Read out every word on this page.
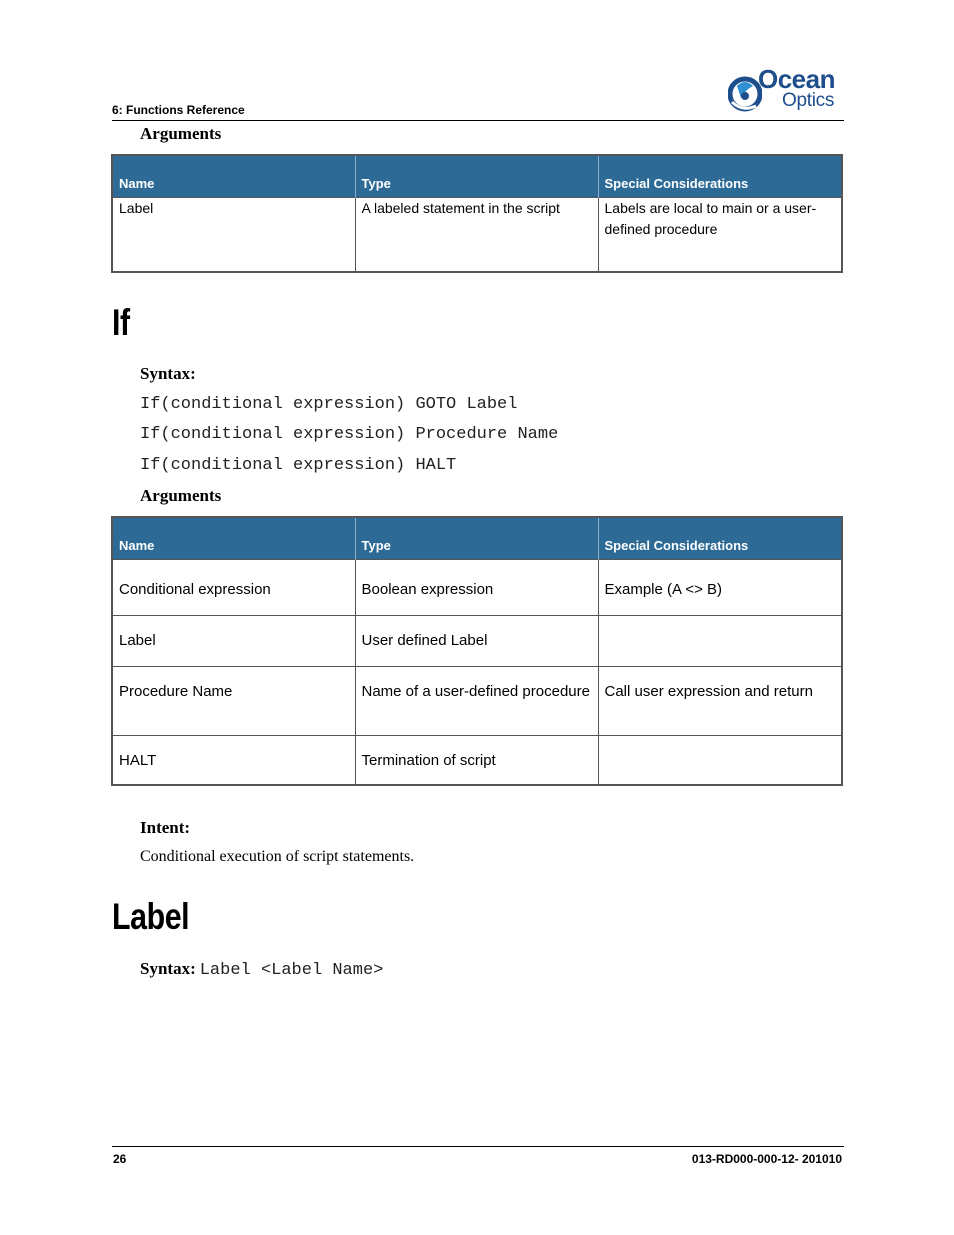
6: Functions Reference
Ocean
Optics
Arguments
Name	Type	Special Considerations
Label	A labeled statement in the script	Labels are local to main or a user-defined procedure
If
Syntax:
If(conditional expression) GOTO Label
If(conditional expression) Procedure Name
If(conditional expression) HALT
Arguments
Name	Type	Special Considerations
Conditional expression	Boolean expression	Example (A <> B)
Label	User defined Label	
Procedure Name	Name of a user-defined procedure	Call user expression and return
HALT	Termination of script	
Intent:
Conditional execution of script statements.
Label
Syntax: Label <Label Name>
26	013-RD000-000-12- 201010
